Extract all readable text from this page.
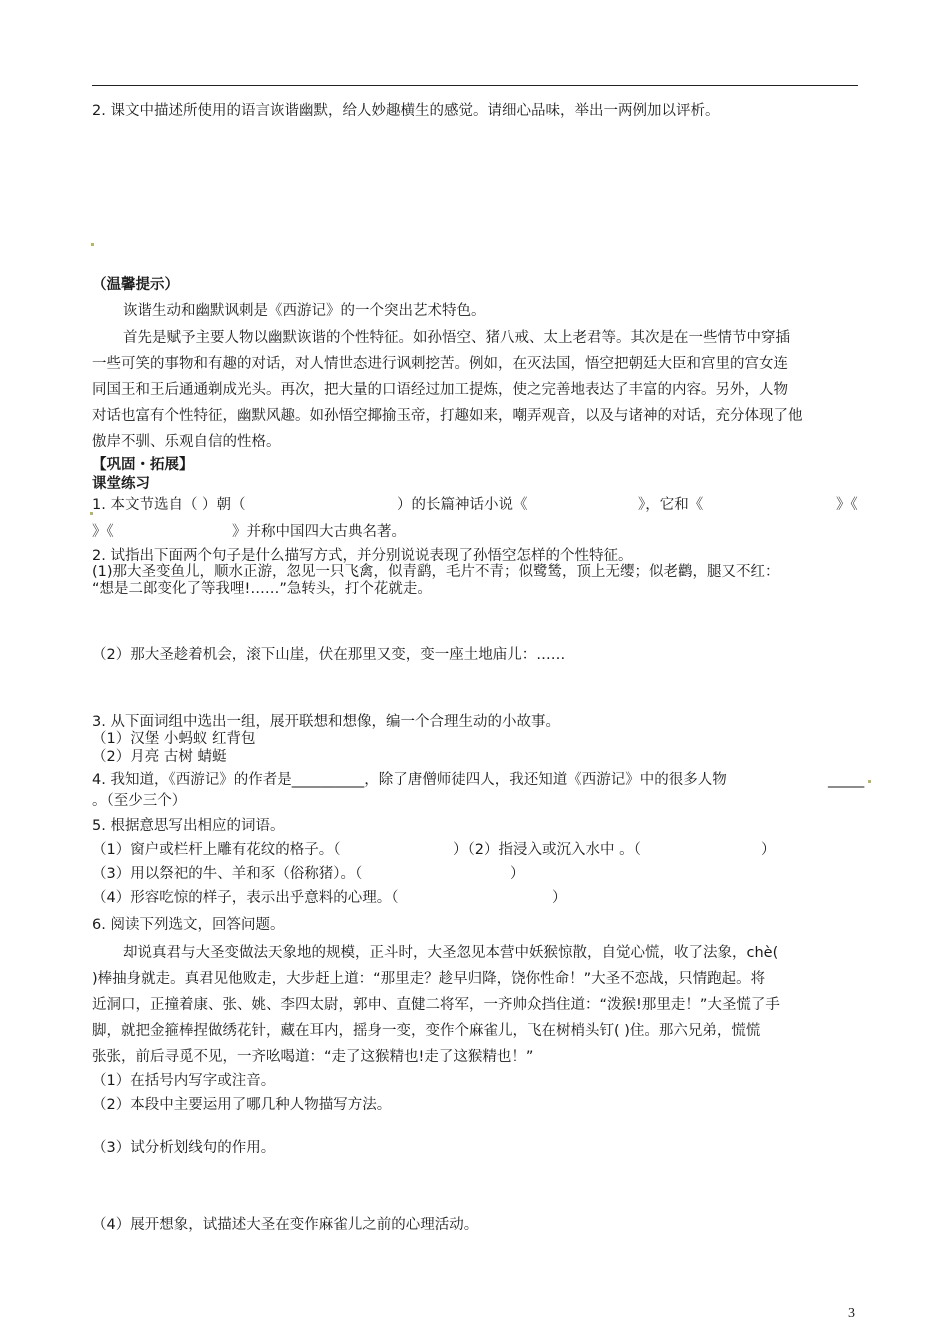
2. 课文中描述所使用的语言诙谐幽默，给人妙趣横生的感觉。请细心品味，举出一两例加以评析。
（温馨提示）
诙谐生动和幽默讽刺是《西游记》的一个突出艺术特色。
首先是赋予主要人物以幽默诙谐的个性特征。如孙悟空、猪八戒、太上老君等。其次是在一些情节中穿插
一些可笑的事物和有趣的对话，对人情世态进行讽刺挖苦。例如，在灭法国，悟空把朝廷大臣和宫里的宫女连
同国王和王后通通剃成光头。再次，把大量的口语经过加工提炼，使之完善地表达了丰富的内容。另外，人物
对话也富有个性特征，幽默风趣。如孙悟空揶揄玉帝，打趣如来，嘲弄观音，以及与诸神的对话，充分体现了他
傲岸不驯、乐观自信的性格。
【巩固・拓展】
课堂练习
1. 本文节选自（ ）朝（	）的长篇神话小说《	》，它和《	》《
》《	》并称中国四大古典名著。
2. 试指出下面两个句子是什么描写方式，并分别说说表现了孙悟空怎样的个性特征。
(1)那大圣变鱼儿，顺水正游，忽见一只飞禽，似青鹞，毛片不青；似鹭鸶，顶上无缨；似老鹳，腿又不红：
“想是二郎变化了等我哩!……”急转头，打个花就走。
（2）那大圣趁着机会，滚下山崖，伏在那里又变，变一座土地庙儿：……
3. 从下面词组中选出一组，展开联想和想像，编一个合理生动的小故事。
（1）汉堡 小蚂蚁 红背包
（2）月亮 古树 蜻蜓
4. 我知道，《西游记》的作者是__________，除了唐僧师徒四人，我还知道《西游记》中的很多人物	_____
。（至少三个）
5. 根据意思写出相应的词语。
（1）窗户或栏杆上雕有花纹的格子。（	）（2）指浸入或沉入水中 。（	）
（3）用以祭祀的牛、羊和豕（俗称猪）。（	）
（4）形容吃惊的样子，表示出乎意料的心理。（	）
6. 阅读下列选文，回答问题。
却说真君与大圣变做法天象地的规模，正斗时，大圣忽见本营中妖猴惊散，自觉心慌，收了法象，chè(
)棒抽身就走。真君见他败走，大步赶上道：“那里走？趁早归降，饶你性命！”大圣不恋战，只情跑起。将
近洞口，正撞着康、张、姚、李四太尉，郭申、直健二将军，一齐帅众挡住道：“泼猴!那里走！”大圣慌了手
脚，就把金箍棒捏做绣花针，藏在耳内，摇身一变，变作个麻雀儿，飞在树梢头钉( )住。那六兄弟，慌慌
张张，前后寻觅不见，一齐吆喝道：“走了这猴精也!走了这猴精也！”
（1）在括号内写字或注音。
（2）本段中主要运用了哪几种人物描写方法。
（3）试分析划线句的作用。
（4）展开想象，试描述大圣在变作麻雀儿之前的心理活动。
3
